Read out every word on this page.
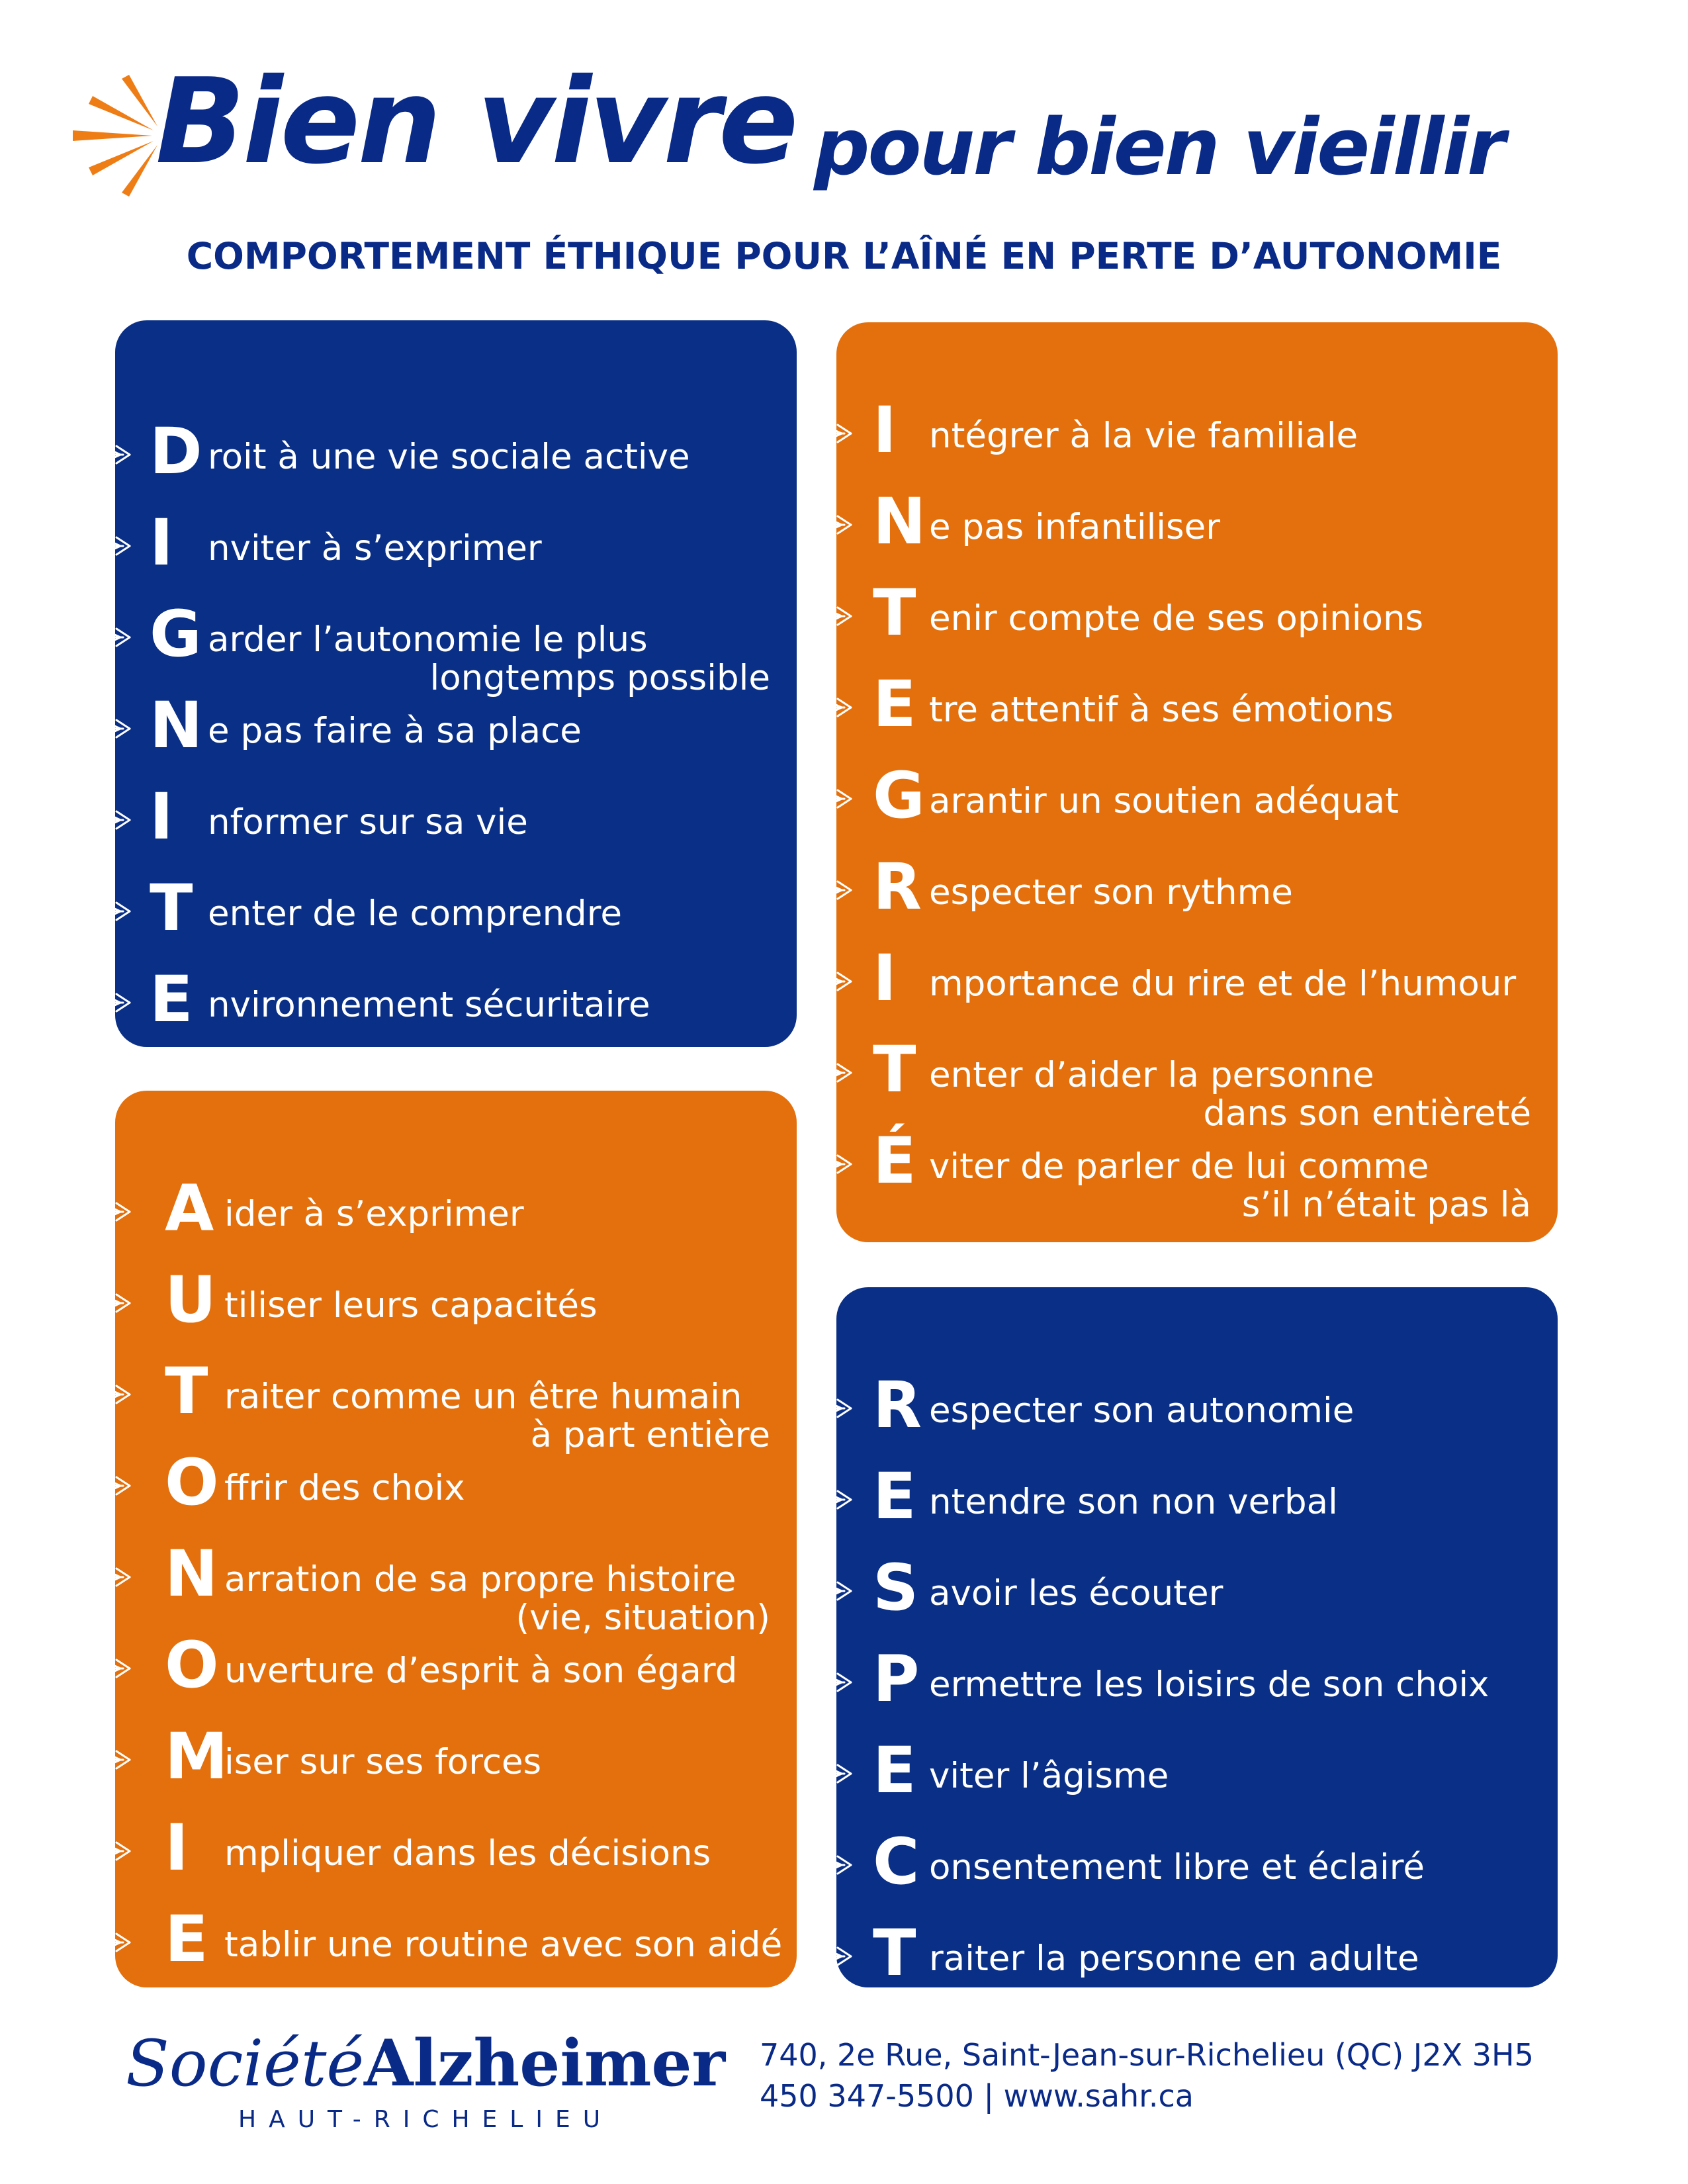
Bien vivre pour bien vieillir
COMPORTEMENT ÉTHIQUE POUR L’AÎNÉ EN PERTE D’AUTONOMIE
D roit à une vie sociale active
I nviter à s’exprimer
G arder l’autonomie le plus
longtemps possible
N e pas faire à sa place
I nformer sur sa vie
T enter de le comprendre
E nvironnement sécuritaire
I ntégrer à la vie familiale
N e pas infantiliser
T enir compte de ses opinions
E tre attentif à ses émotions
G arantir un soutien adéquat
R especter son rythme
I mportance du rire et de l’humour
T enter d’aider la personne
dans son entièreté
É viter de parler de lui comme
s’il n’était pas là
A ider à s’exprimer
U tiliser leurs capacités
T raiter comme un être humain
à part entière
O ffrir des choix
N arration de sa propre histoire
(vie, situation)
O uverture d’esprit à son égard
M
iser sur ses forces
I mpliquer dans les décisions
E tablir une routine avec son aidé
R especter son autonomie
E ntendre son non verbal
S avoir les écouter
P ermettre les loisirs de son choix
E viter l’âgisme
C onsentement libre et éclairé
T raiter la personne en adulte
Société Alzheimer
HAUT-RICHELIEU
740, 2e Rue, Saint-Jean-sur-Richelieu (QC) J2X 3H5
450 347-5500 | www.sahr.ca
